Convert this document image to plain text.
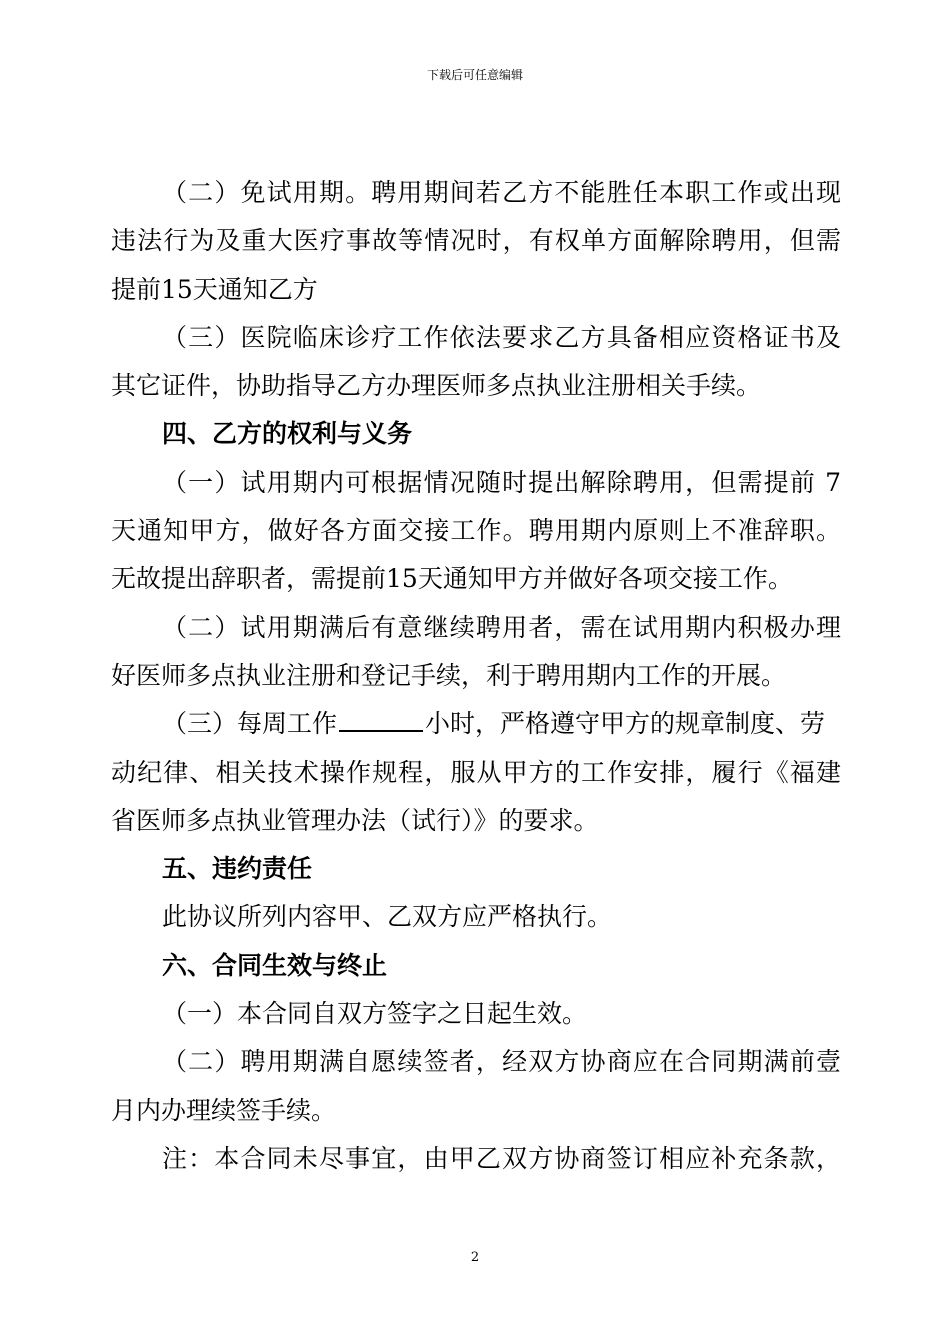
下载后可任意编辑
（二）免试用期。聘用期间若乙方不能胜任本职工作或出现
违法行为及重大医疗事故等情况时，有权单方面解除聘用，但需
提前15天通知乙方
（三）医院临床诊疗工作依法要求乙方具备相应资格证书及
其它证件，协助指导乙方办理医师多点执业注册相关手续。
四、乙方的权利与义务
（一）试用期内可根据情况随时提出解除聘用，但需提前 7
天通知甲方，做好各方面交接工作。聘用期内原则上不准辞职。
无故提出辞职者，需提前15天通知甲方并做好各项交接工作。
（二）试用期满后有意继续聘用者，需在试用期内积极办理
好医师多点执业注册和登记手续，利于聘用期内工作的开展。
（三）每周工作	小时，严格遵守甲方的规章制度、劳
动纪律、相关技术操作规程，服从甲方的工作安排，履行《福建
省医师多点执业管理办法（试行）》的要求。
五、违约责任
此协议所列内容甲、乙双方应严格执行。
六、合同生效与终止
（一）本合同自双方签字之日起生效。
（二）聘用期满自愿续签者，经双方协商应在合同期满前壹
月内办理续签手续。
注：本合同未尽事宜，由甲乙双方协商签订相应补充条款，
2
